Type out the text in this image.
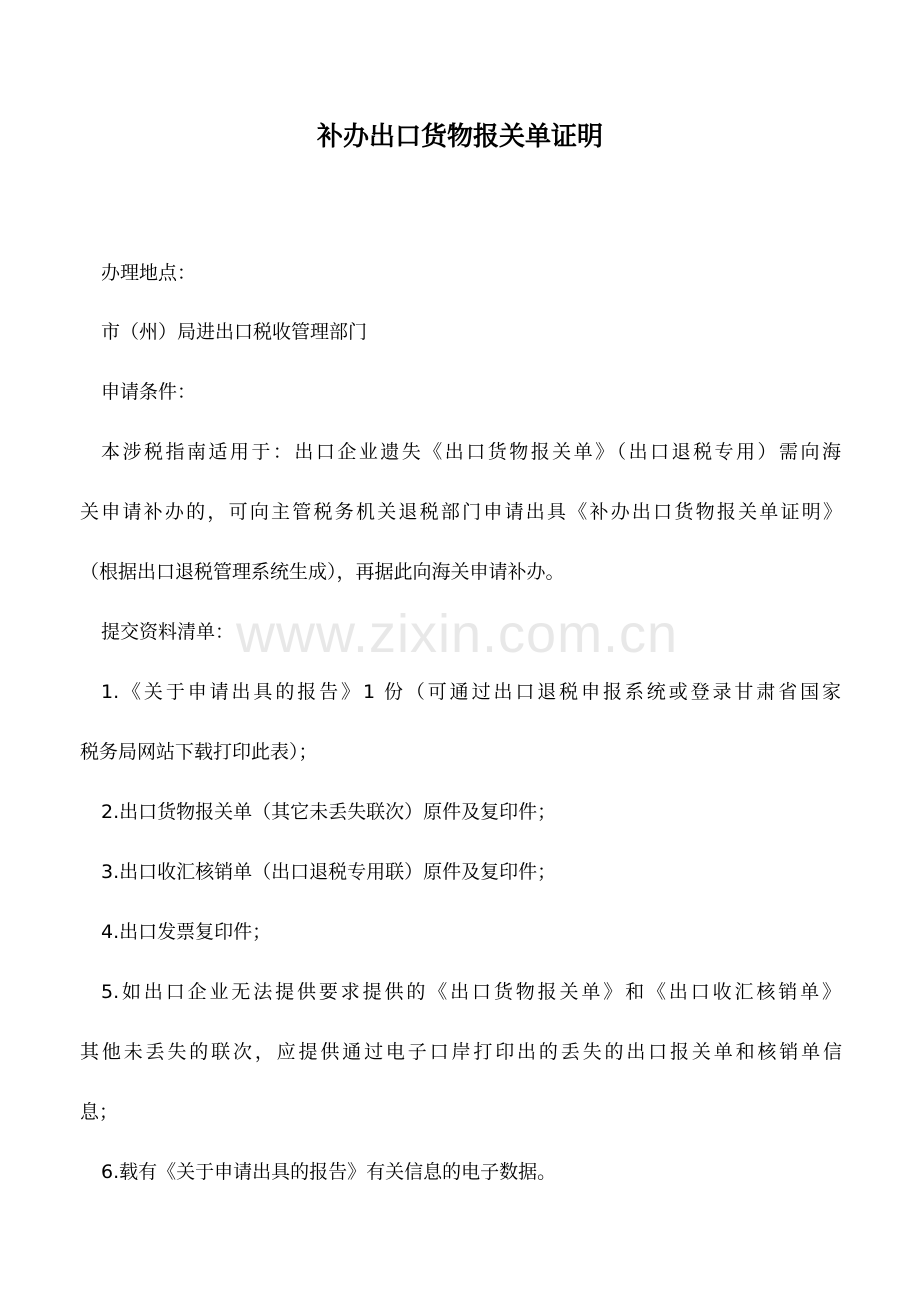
补办出口货物报关单证明
办理地点：
市（州）局进出口税收管理部门
申请条件：
本涉税指南适用于：出口企业遗失《出口货物报关单》（出口退税专用）需向海
关申请补办的，可向主管税务机关退税部门申请出具《补办出口货物报关单证明》
（根据出口退税管理系统生成），再据此向海关申请补办。
提交资料清单：
1.《关于申请出具的报告》1 份（可通过出口退税申报系统或登录甘肃省国家
税务局网站下载打印此表）；
2.出口货物报关单（其它未丢失联次）原件及复印件；
3.出口收汇核销单（出口退税专用联）原件及复印件；
4.出口发票复印件；
5.如出口企业无法提供要求提供的《出口货物报关单》和《出口收汇核销单》
其他未丢失的联次，应提供通过电子口岸打印出的丢失的出口报关单和核销单信
息；
6.载有《关于申请出具的报告》有关信息的电子数据。
www.zixin.com.cn
